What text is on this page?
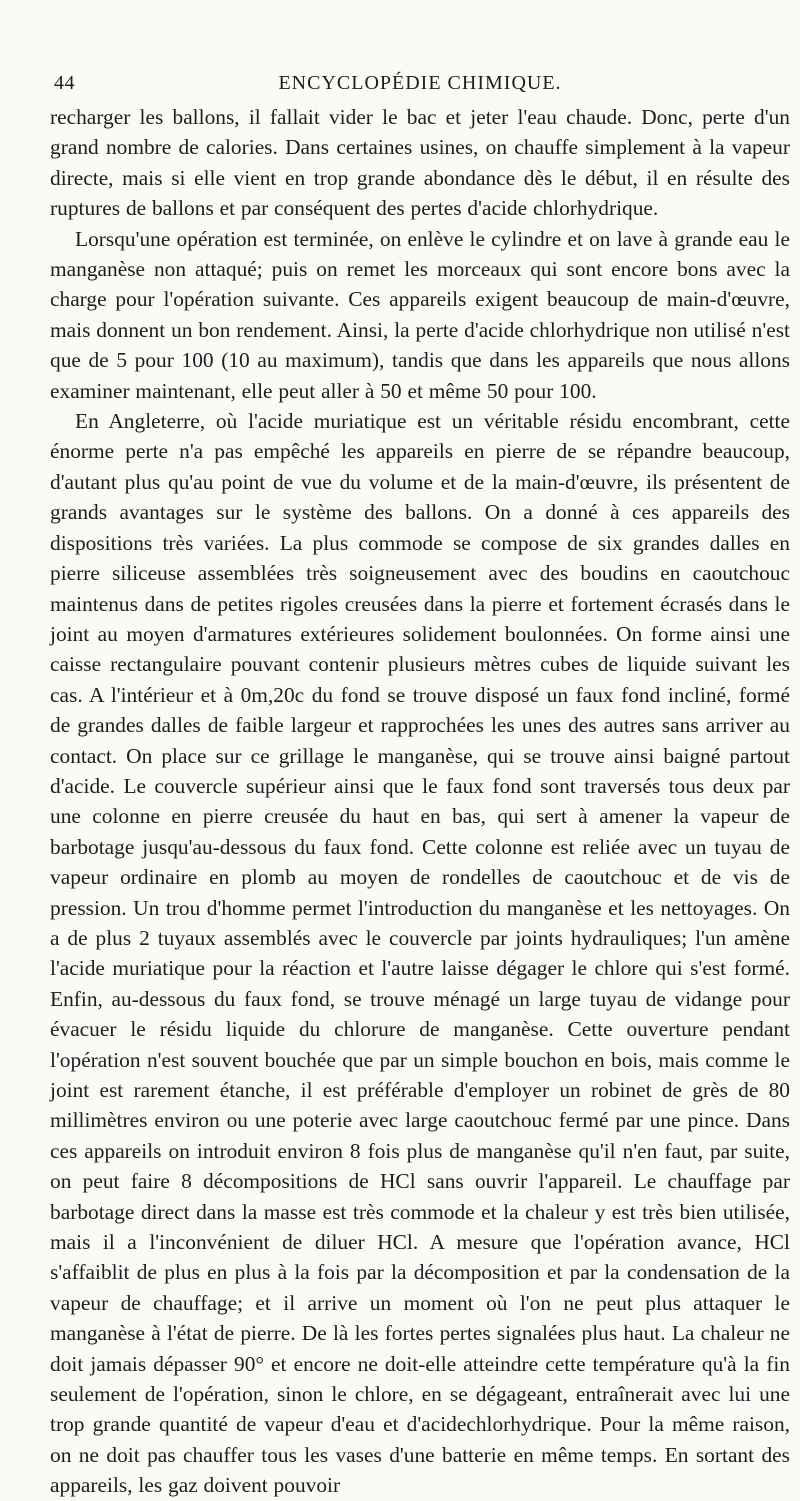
44	ENCYCLOPÉDIE CHIMIQUE.

recharger les ballons, il fallait vider le bac et jeter l'eau chaude. Donc, perte d'un grand nombre de calories. Dans certaines usines, on chauffe simplement à la vapeur directe, mais si elle vient en trop grande abondance dès le début, il en résulte des ruptures de ballons et par conséquent des pertes d'acide chlorhydrique.

Lorsqu'une opération est terminée, on enlève le cylindre et on lave à grande eau le manganèse non attaqué; puis on remet les morceaux qui sont encore bons avec la charge pour l'opération suivante. Ces appareils exigent beaucoup de main-d'œuvre, mais donnent un bon rendement. Ainsi, la perte d'acide chlorhydrique non utilisé n'est que de 5 pour 100 (10 au maximum), tandis que dans les appareils que nous allons examiner maintenant, elle peut aller à 50 et même 50 pour 100.

En Angleterre, où l'acide muriatique est un véritable résidu encombrant, cette énorme perte n'a pas empêché les appareils en pierre de se répandre beaucoup, d'autant plus qu'au point de vue du volume et de la main-d'œuvre, ils présentent de grands avantages sur le système des ballons. On a donné à ces appareils des dispositions très variées. La plus commode se compose de six grandes dalles en pierre siliceuse assemblées très soigneusement avec des boudins en caoutchouc maintenus dans de petites rigoles creusées dans la pierre et fortement écrasés dans le joint au moyen d'armatures extérieures solidement boulonnées. On forme ainsi une caisse rectangulaire pouvant contenir plusieurs mètres cubes de liquide suivant les cas. A l'intérieur et à 0m,20c du fond se trouve disposé un faux fond incliné, formé de grandes dalles de faible largeur et rapprochées les unes des autres sans arriver au contact. On place sur ce grillage le manganèse, qui se trouve ainsi baigné partout d'acide. Le couvercle supérieur ainsi que le faux fond sont traversés tous deux par une colonne en pierre creusée du haut en bas, qui sert à amener la vapeur de barbotage jusqu'au-dessous du faux fond. Cette colonne est reliée avec un tuyau de vapeur ordinaire en plomb au moyen de rondelles de caoutchouc et de vis de pression. Un trou d'homme permet l'introduction du manganèse et les nettoyages. On a de plus 2 tuyaux assemblés avec le couvercle par joints hydrauliques; l'un amène l'acide muriatique pour la réaction et l'autre laisse dégager le chlore qui s'est formé. Enfin, au-dessous du faux fond, se trouve ménagé un large tuyau de vidange pour évacuer le résidu liquide du chlorure de manganèse. Cette ouverture pendant l'opération n'est souvent bouchée que par un simple bouchon en bois, mais comme le joint est rarement étanche, il est préférable d'employer un robinet de grès de 80 millimètres environ ou une poterie avec large caoutchouc fermé par une pince. Dans ces appareils on introduit environ 8 fois plus de manganèse qu'il n'en faut, par suite, on peut faire 8 décompositions de HCl sans ouvrir l'appareil. Le chauffage par barbotage direct dans la masse est très commode et la chaleur y est très bien utilisée, mais il a l'inconvénient de diluer HCl. A mesure que l'opération avance, HCl s'affaiblit de plus en plus à la fois par la décomposition et par la condensation de la vapeur de chauffage; et il arrive un moment où l'on ne peut plus attaquer le manganèse à l'état de pierre. De là les fortes pertes signalées plus haut. La chaleur ne doit jamais dépasser 90° et encore ne doit-elle atteindre cette température qu'à la fin seulement de l'opération, sinon le chlore, en se dégageant, entraînerait avec lui une trop grande quantité de vapeur d'eau et d'acidechlorhydrique. Pour la même raison, on ne doit pas chauffer tous les vases d'une batterie en même temps. En sortant des appareils, les gaz doivent pouvoir
